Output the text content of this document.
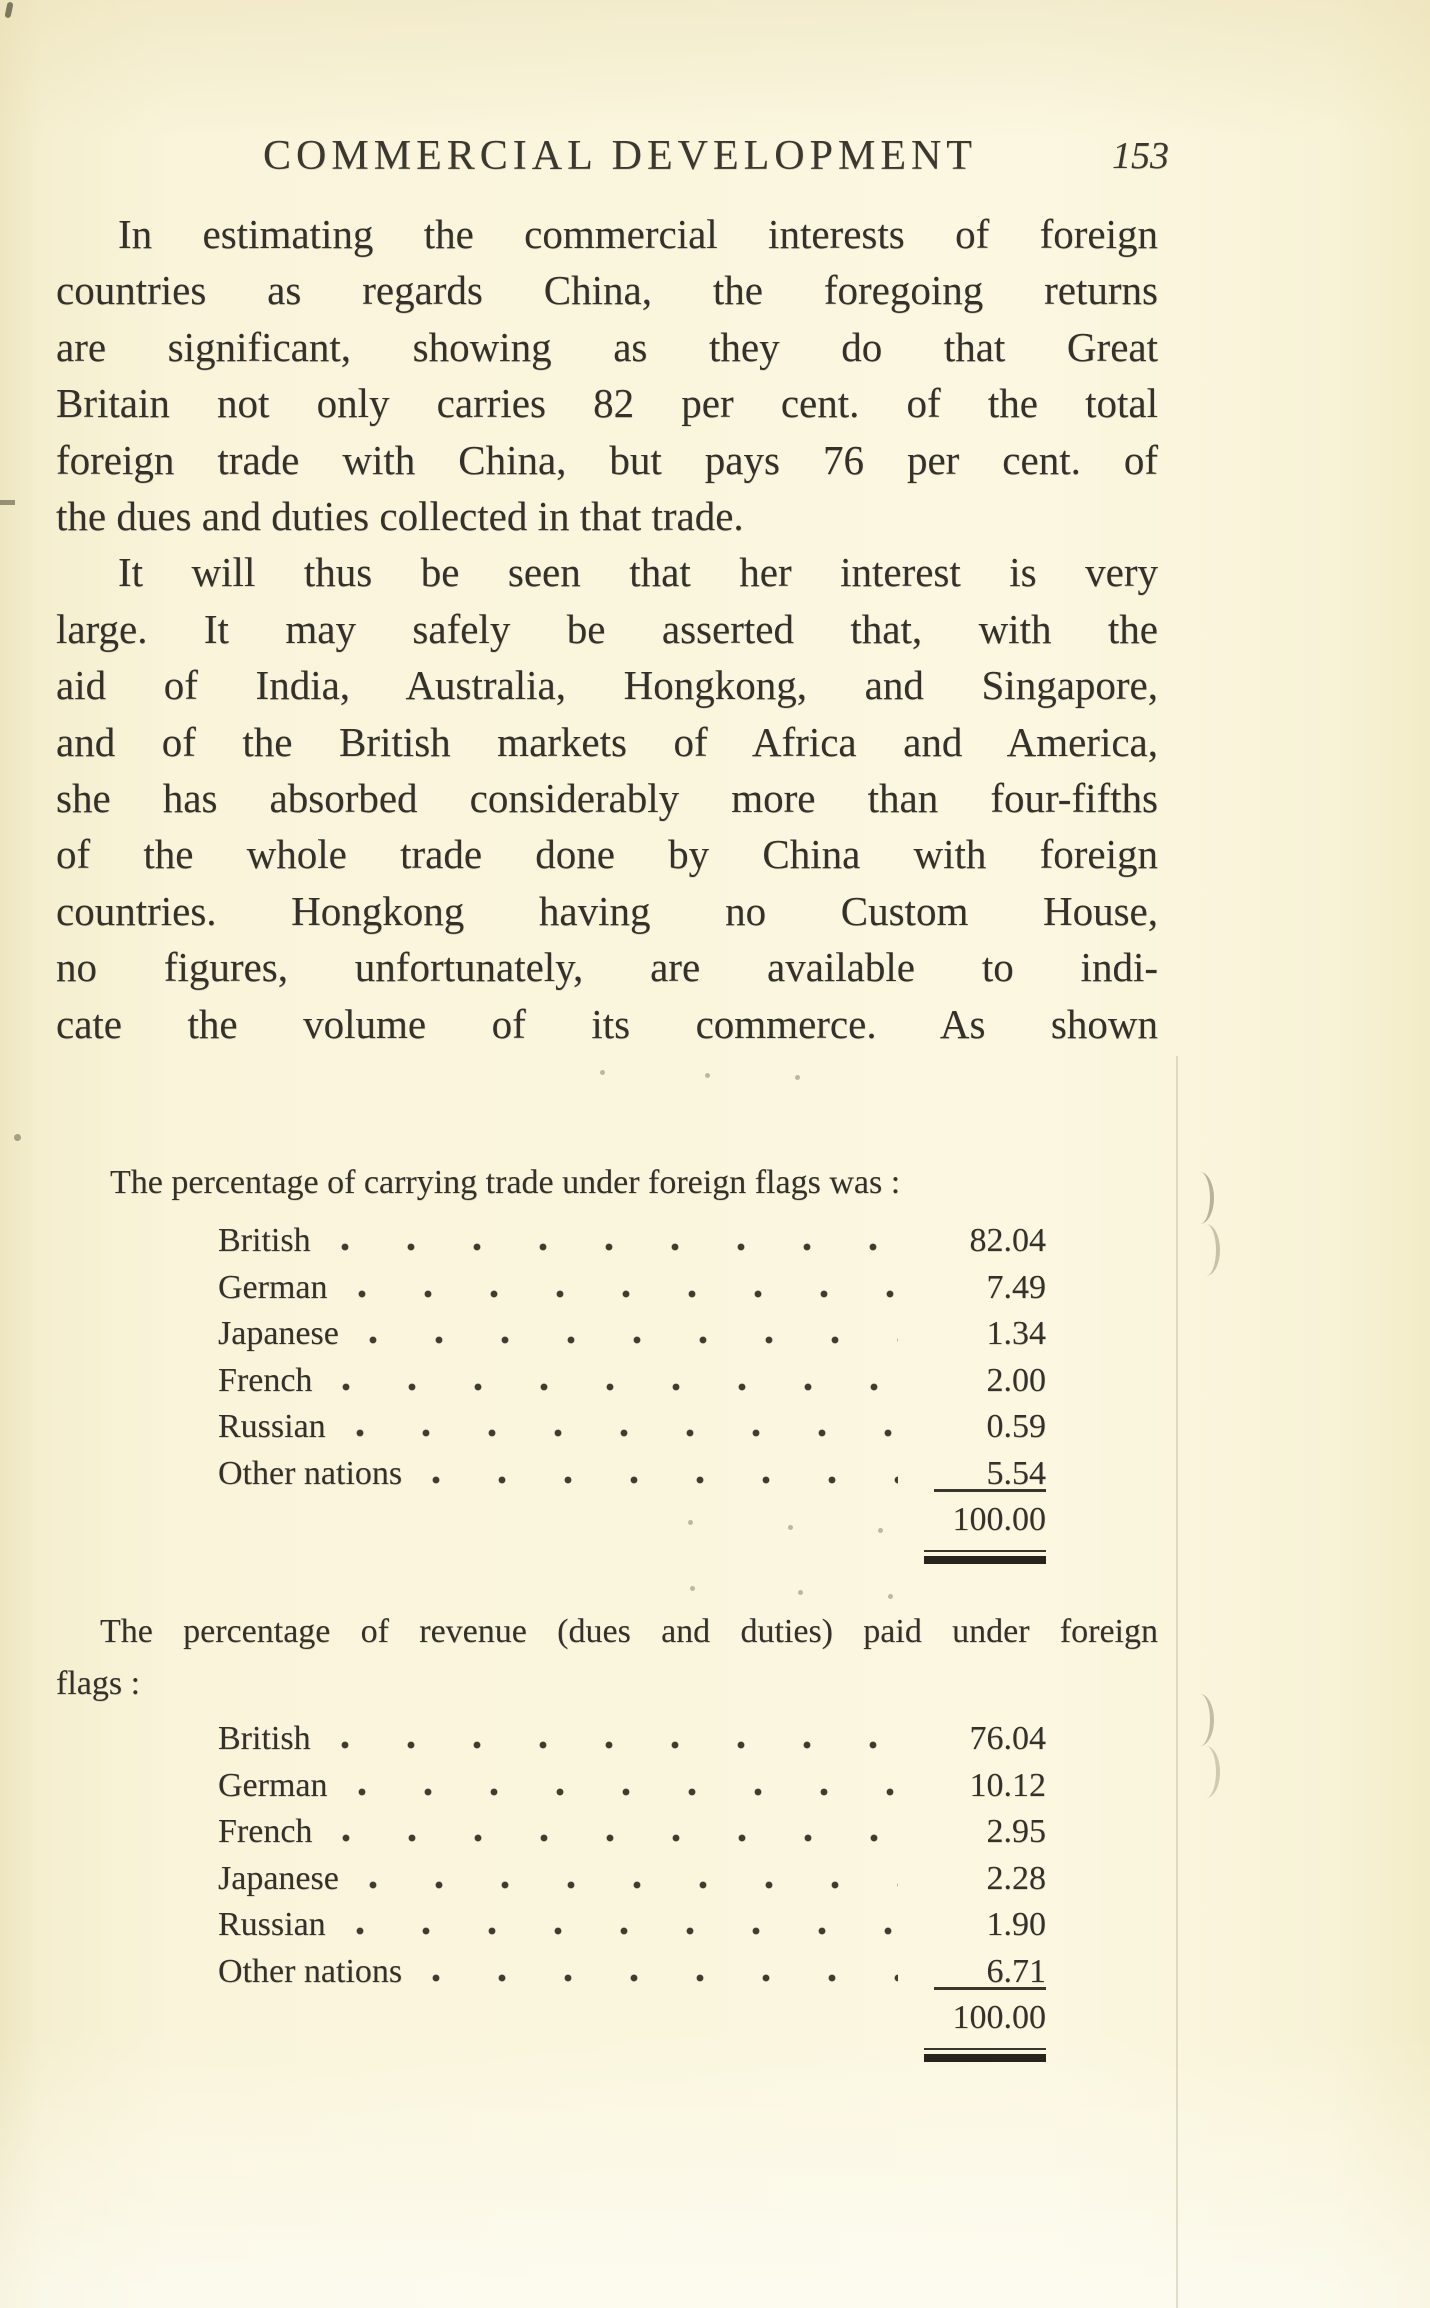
COMMERCIAL DEVELOPMENT	153
In estimating the commercial interests of foreign
countries as regards China, the foregoing returns
are significant, showing as they do that Great
Britain not only carries 82 per cent. of the total
foreign trade with China, but pays 76 per cent. of
the dues and duties collected in that trade.
It will thus be seen that her interest is very
large. It may safely be asserted that, with the
aid of India, Australia, Hongkong, and Singapore,
and of the British markets of Africa and America,
she has absorbed considerably more than four-fifths
of the whole trade done by China with foreign
countries. Hongkong having no Custom House,
no figures, unfortunately, are available to indi-
cate the volume of its commerce. As shown
The percentage of carrying trade under foreign flags was :
British	82.04
German	7.49
Japanese	1.34
French	2.00
Russian	0.59
Other nations	5.54
100.00
The percentage of revenue (dues and duties) paid under foreign
flags :
British	76.04
German	10.12
French	2.95
Japanese	2.28
Russian	1.90
Other nations	6.71
100.00
